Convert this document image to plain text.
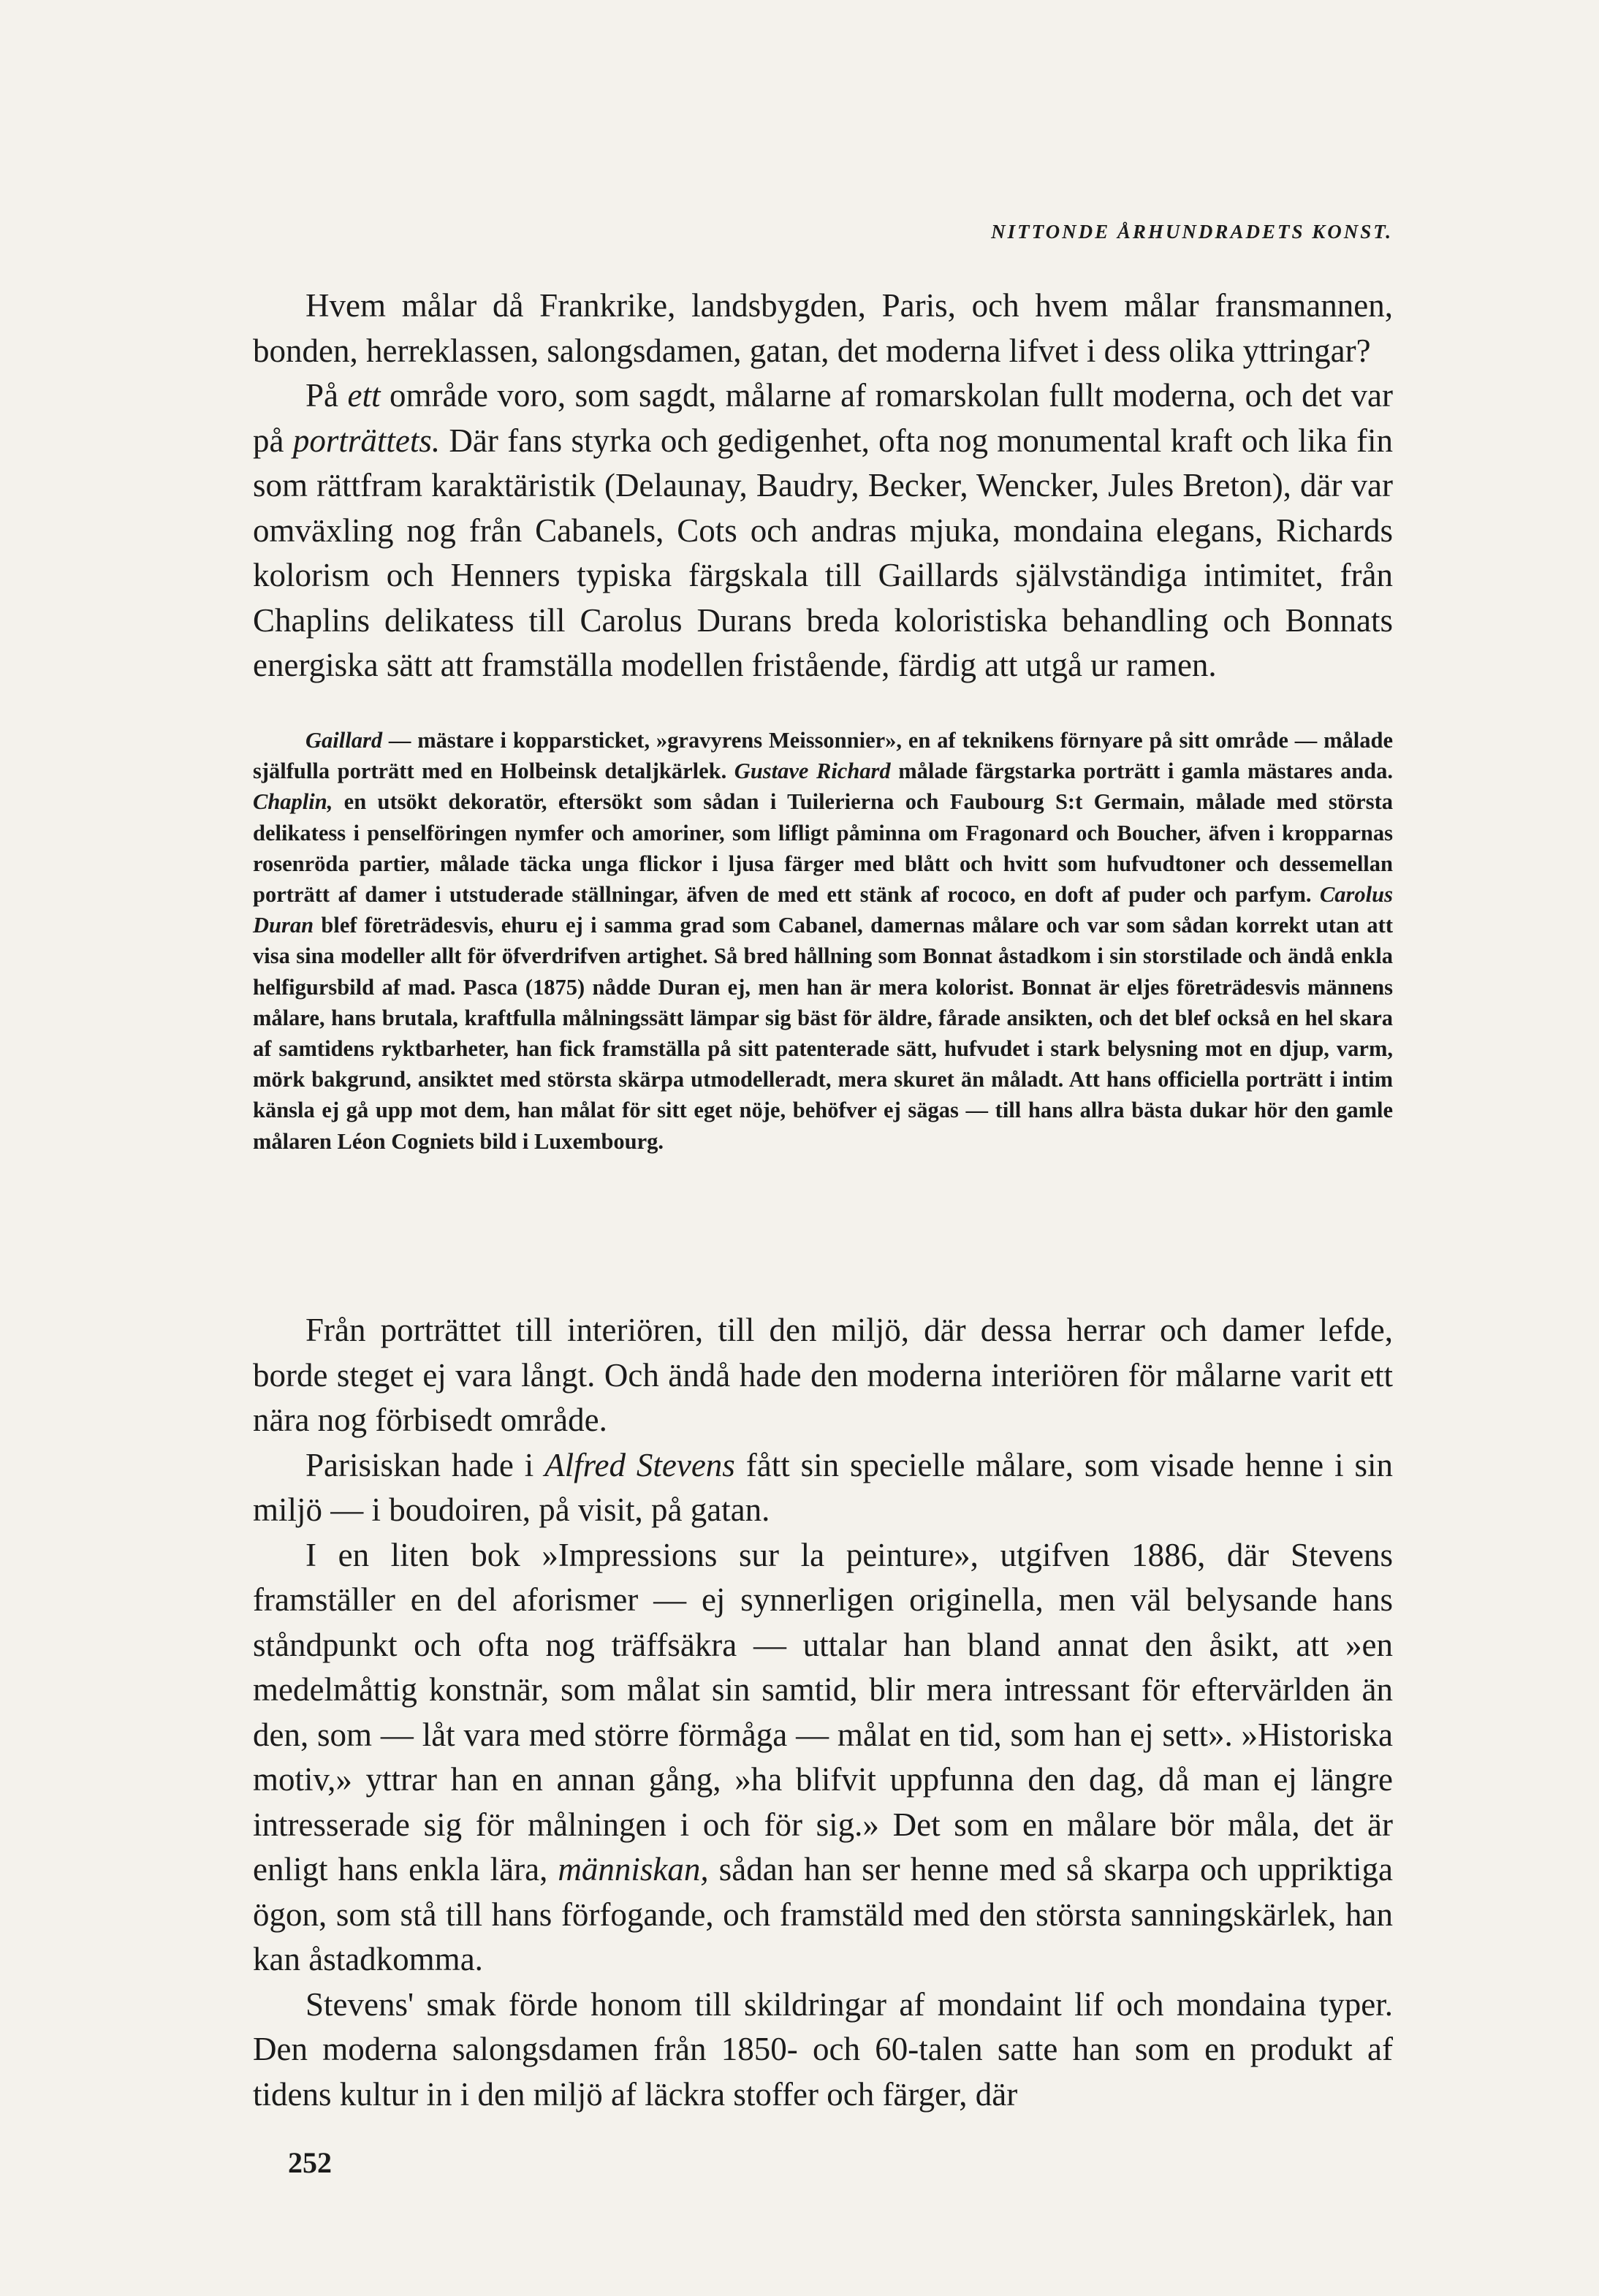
NITTONDE ÅRHUNDRADETS KONST.

Hvem målar då Frankrike, landsbygden, Paris, och hvem målar fransmannen, bonden, herreklassen, salongsdamen, gatan, det moderna lifvet i dess olika yttringar?

På ett område voro, som sagdt, målarne af romarskolan fullt moderna, och det var på porträttets. Där fans styrka och gedigenhet, ofta nog monumental kraft och lika fin som rättfram karaktäristik (Delaunay, Baudry, Becker, Wencker, Jules Breton), där var omväxling nog från Cabanels, Cots och andras mjuka, mondaina elegans, Richards kolorism och Henners typiska färgskala till Gaillards självständiga intimitet, från Chaplins delikatess till Carolus Durans breda koloristiska behandling och Bonnats energiska sätt att framställa modellen fristående, färdig att utgå ur ramen.

Gaillard — mästare i kopparsticket, »gravyrens Meissonnier», en af teknikens förnyare på sitt område — målade själfulla porträtt med en Holbeinsk detaljkärlek. Gustave Richard målade färgstarka porträtt i gamla mästares anda. Chaplin, en utsökt dekoratör, eftersökt som sådan i Tuilerierna och Faubourg S:t Germain, målade med största delikatess i penselföringen nymfer och amoriner, som lifligt påminna om Fragonard och Boucher, äfven i kropparnas rosenröda partier, målade täcka unga flickor i ljusa färger med blått och hvitt som hufvudtoner och dessemellan porträtt af damer i utstuderade ställningar, äfven de med ett stänk af rococo, en doft af puder och parfym. Carolus Duran blef företrädesvis, ehuru ej i samma grad som Cabanel, damernas målare och var som sådan korrekt utan att visa sina modeller allt för öfverdrifven artighet. Så bred hållning som Bonnat åstadkom i sin storstilade och ändå enkla helfigursbild af mad. Pasca (1875) nådde Duran ej, men han är mera kolorist. Bonnat är eljes företrädesvis männens målare, hans brutala, kraftfulla målningssätt lämpar sig bäst för äldre, fårade ansikten, och det blef också en hel skara af samtidens ryktbarheter, han fick framställa på sitt patenterade sätt, hufvudet i stark belysning mot en djup, varm, mörk bakgrund, ansiktet med största skärpa utmodelleradt, mera skuret än måladt. Att hans officiella porträtt i intim känsla ej gå upp mot dem, han målat för sitt eget nöje, behöfver ej sägas — till hans allra bästa dukar hör den gamle målaren Léon Cogniets bild i Luxembourg.

Från porträttet till interiören, till den miljö, där dessa herrar och damer lefde, borde steget ej vara långt. Och ändå hade den moderna interiören för målarne varit ett nära nog förbisedt område.

Parisiskan hade i Alfred Stevens fått sin specielle målare, som visade henne i sin miljö — i boudoiren, på visit, på gatan.

I en liten bok »Impressions sur la peinture», utgifven 1886, där Stevens framställer en del aforismer — ej synnerligen originella, men väl belysande hans ståndpunkt och ofta nog träffsäkra — uttalar han bland annat den åsikt, att »en medelmåttig konstnär, som målat sin samtid, blir mera intressant för eftervärlden än den, som — låt vara med större förmåga — målat en tid, som han ej sett». »Historiska motiv,» yttrar han en annan gång, »ha blifvit uppfunna den dag, då man ej längre intresserade sig för målningen i och för sig.» Det som en målare bör måla, det är enligt hans enkla lära, människan, sådan han ser henne med så skarpa och uppriktiga ögon, som stå till hans förfogande, och framstäld med den största sanningskärlek, han kan åstadkomma.

Stevens' smak förde honom till skildringar af mondaint lif och mondaina typer. Den moderna salongsdamen från 1850- och 60-talen satte han som en produkt af tidens kultur in i den miljö af läckra stoffer och färger, där

252
